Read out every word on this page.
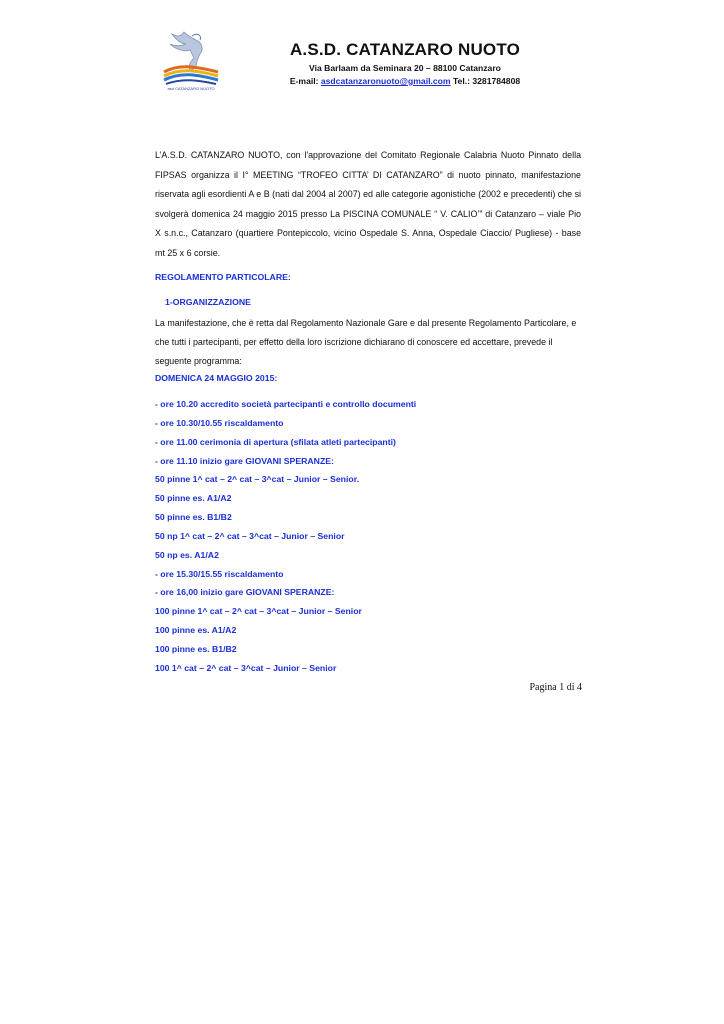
asd CATANZARO NUOTO
A.S.D. CATANZARO NUOTO
Via Barlaam da Seminara 20 – 88100 Catanzaro
E-mail: asdcatanzaronuoto@gmail.com Tel.: 3281784808
L’A.S.D. CATANZARO NUOTO, con l'approvazione del Comitato Regionale Calabria Nuoto Pinnato della FIPSAS organizza il I° MEETING “TROFEO CITTA’ DI CATANZARO” di nuoto pinnato, manifestazione riservata agli esordienti A e B (nati dal 2004 al 2007) ed alle categorie agonistiche (2002 e precedenti) che si svolgerà domenica 24 maggio 2015 presso La PISCINA COMUNALE “ V. CALIO’” di Catanzaro – viale Pio X s.n.c., Catanzaro (quartiere Pontepiccolo, vicino Ospedale S. Anna, Ospedale Ciaccio/ Pugliese) - base mt 25 x 6 corsie.
REGOLAMENTO PARTICOLARE:
1-ORGANIZZAZIONE
La manifestazione, che è retta dal Regolamento Nazionale Gare e dal presente Regolamento Particolare, e che tutti i partecipanti, per effetto della loro iscrizione dichiarano di conoscere ed accettare, prevede il seguente programma:
DOMENICA 24 MAGGIO 2015:
- ore 10.20 accredito società partecipanti e controllo documenti
- ore 10.30/10.55 riscaldamento
- ore 11.00 cerimonia di apertura (sfilata atleti partecipanti)
- ore 11.10 inizio gare GIOVANI SPERANZE:
50 pinne 1^ cat – 2^ cat – 3^cat – Junior – Senior.
50 pinne es. A1/A2
50 pinne es. B1/B2
50 np 1^ cat – 2^ cat – 3^cat – Junior – Senior
50 np es. A1/A2
- ore 15.30/15.55 riscaldamento
- ore 16,00 inizio gare GIOVANI SPERANZE:
100 pinne 1^ cat – 2^ cat – 3^cat – Junior – Senior
100 pinne es. A1/A2
100 pinne es. B1/B2
100 1^ cat – 2^ cat – 3^cat – Junior – Senior
Pagina 1 di 4
